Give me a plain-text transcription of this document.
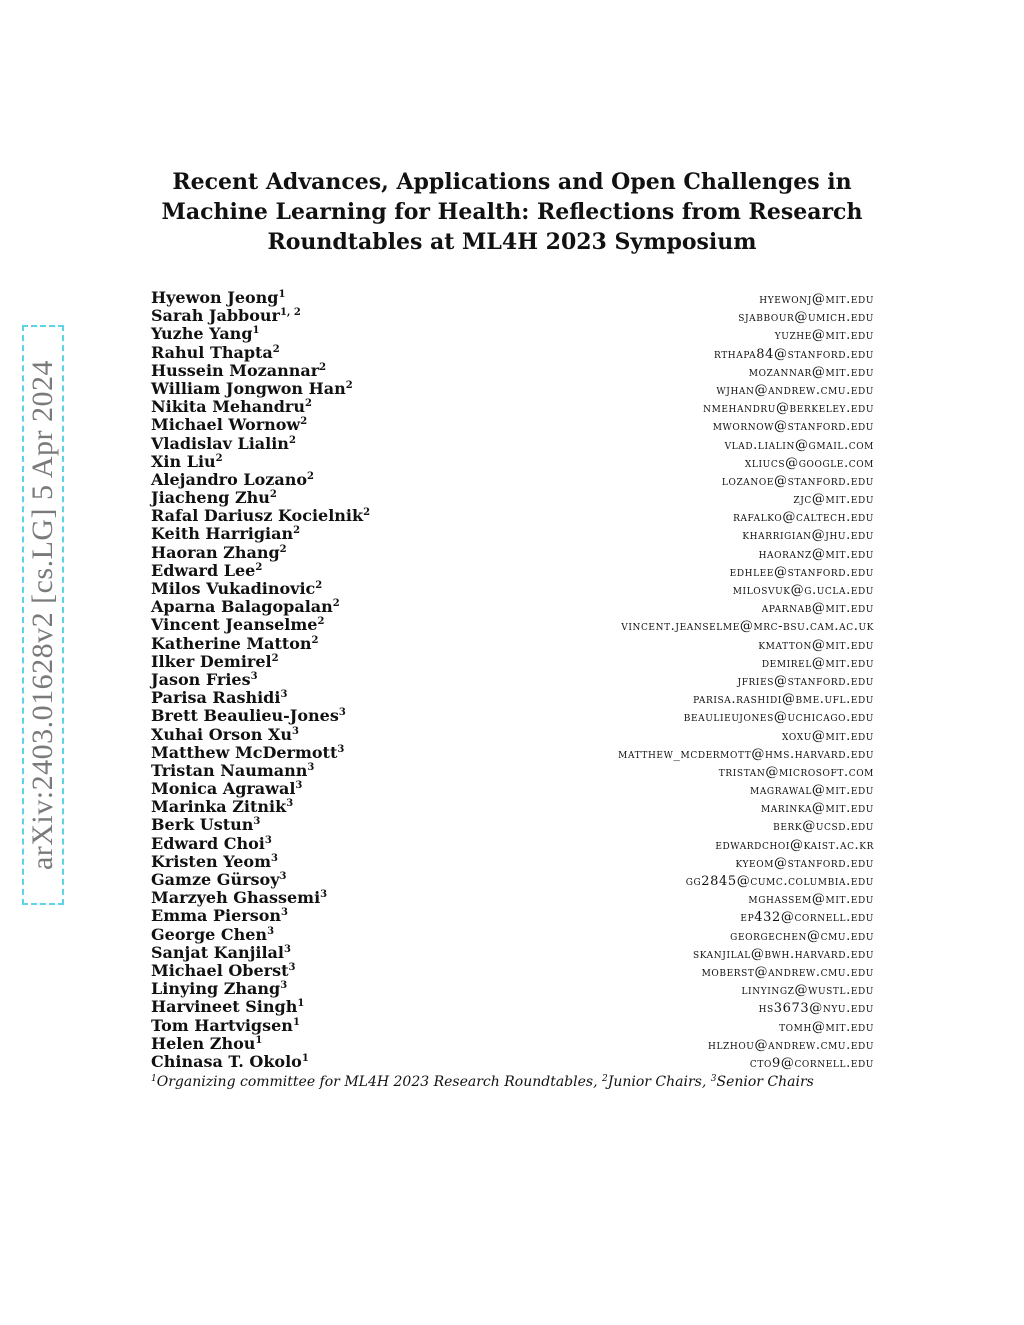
arXiv:2403.01628v2 [cs.LG] 5 Apr 2024
Recent Advances, Applications and Open Challenges in
Machine Learning for Health: Reflections from Research
Roundtables at ML4H 2023 Symposium
Hyewon Jeong$^1$	hyewonj@mit.edu
Sarah Jabbour$^{1, 2}$	sjabbour@umich.edu
Yuzhe Yang$^1$	yuzhe@mit.edu
Rahul Thapta$^2$	rthapa84@stanford.edu
Hussein Mozannar$^2$	mozannar@mit.edu
William Jongwon Han$^2$	wjhan@andrew.cmu.edu
Nikita Mehandru$^2$	nmehandru@berkeley.edu
Michael Wornow$^2$	mwornow@stanford.edu
Vladislav Lialin$^2$	vlad.lialin@gmail.com
Xin Liu$^2$	xliucs@google.com
Alejandro Lozano$^2$	lozanoe@stanford.edu
Jiacheng Zhu$^2$	zjc@mit.edu
Rafal Dariusz Kocielnik$^2$	rafalko@caltech.edu
Keith Harrigian$^2$	kharrigian@jhu.edu
Haoran Zhang$^2$	haoranz@mit.edu
Edward Lee$^2$	edhlee@stanford.edu
Milos Vukadinovic$^2$	milosvuk@g.ucla.edu
Aparna Balagopalan$^2$	aparnab@mit.edu
Vincent Jeanselme$^2$	vincent.jeanselme@mrc-bsu.cam.ac.uk
Katherine Matton$^2$	kmatton@mit.edu
Ilker Demirel$^2$	demirel@mit.edu
Jason Fries$^3$	jfries@stanford.edu
Parisa Rashidi$^3$	parisa.rashidi@bme.ufl.edu
Brett Beaulieu-Jones$^3$	beaulieujones@uchicago.edu
Xuhai Orson Xu$^3$	xoxu@mit.edu
Matthew McDermott$^3$	matthew_mcdermott@hms.harvard.edu
Tristan Naumann$^3$	tristan@microsoft.com
Monica Agrawal$^3$	magrawal@mit.edu
Marinka Zitnik$^3$	marinka@mit.edu
Berk Ustun$^3$	berk@ucsd.edu
Edward Choi$^3$	edwardchoi@kaist.ac.kr
Kristen Yeom$^3$	kyeom@stanford.edu
Gamze Gürsoy$^3$	gg2845@cumc.columbia.edu
Marzyeh Ghassemi$^3$	mghassem@mit.edu
Emma Pierson$^3$	ep432@cornell.edu
George Chen$^3$	georgechen@cmu.edu
Sanjat Kanjilal$^3$	skanjilal@bwh.harvard.edu
Michael Oberst$^3$	moberst@andrew.cmu.edu
Linying Zhang$^3$	linyingz@wustl.edu
Harvineet Singh$^1$	hs3673@nyu.edu
Tom Hartvigsen$^1$	tomh@mit.edu
Helen Zhou$^1$	hlzhou@andrew.cmu.edu
Chinasa T. Okolo$^1$	cto9@cornell.edu
$^1$Organizing committee for ML4H 2023 Research Roundtables, $^2$Junior Chairs, $^3$Senior Chairs
